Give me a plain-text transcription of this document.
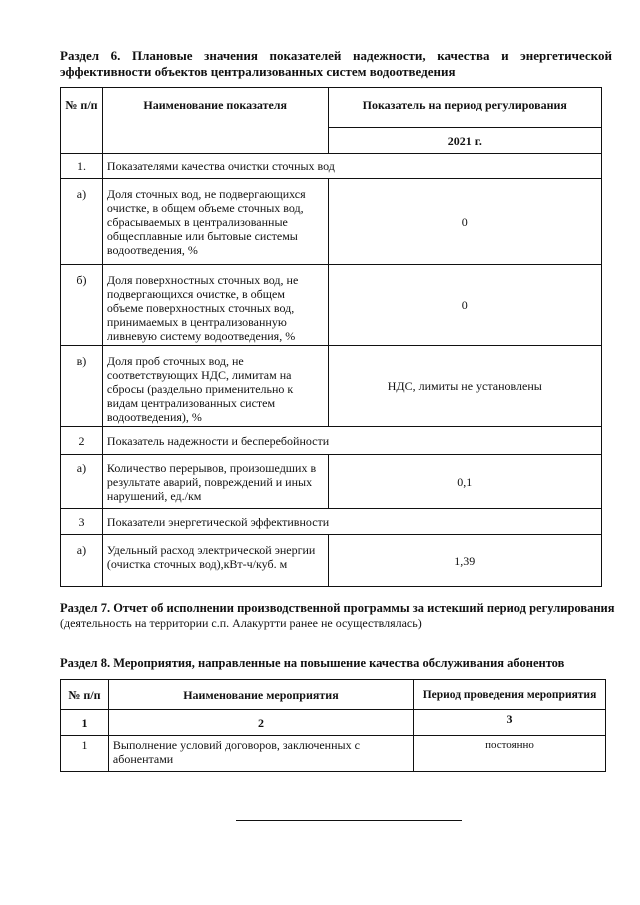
Раздел 6. Плановые значения показателей надежности, качества и энергетической эффективности объектов централизованных систем водоотведения
№ п/п	Наименование показателя	Показатель на период регулирования
		2021 г.
1.	Показателями качества очистки сточных вод	
а)	Доля сточных вод, не подвергающихся очистке, в общем объеме сточных вод, сбрасываемых в централизованные общесплавные или бытовые системы водоотведения, %	0
б)	Доля поверхностных сточных вод, не подвергающихся очистке, в общем объеме поверхностных сточных вод, принимаемых в централизованную ливневую систему водоотведения, %	0
в)	Доля проб сточных вод, не соответствующих НДС, лимитам на сбросы (раздельно применительно к видам централизованных систем водоотведения), %	НДС, лимиты не установлены
2	Показатель надежности и бесперебойности	
а)	Количество перерывов, произошедших в результате аварий, повреждений и иных нарушений, ед./км	0,1
3	Показатели энергетической эффективности	
а)	Удельный расход электрической энергии (очистка сточных вод),кВт-ч/куб. м	1,39
Раздел 7. Отчет об исполнении производственной программы за истекший период регулирования
(деятельность на территории с.п. Алакуртти ранее не осуществлялась)
Раздел 8. Мероприятия, направленные на повышение качества обслуживания абонентов
№ п/п	Наименование мероприятия	Период проведения мероприятия
1	2	3
1	Выполнение условий договоров, заключенных с абонентами	постоянно
